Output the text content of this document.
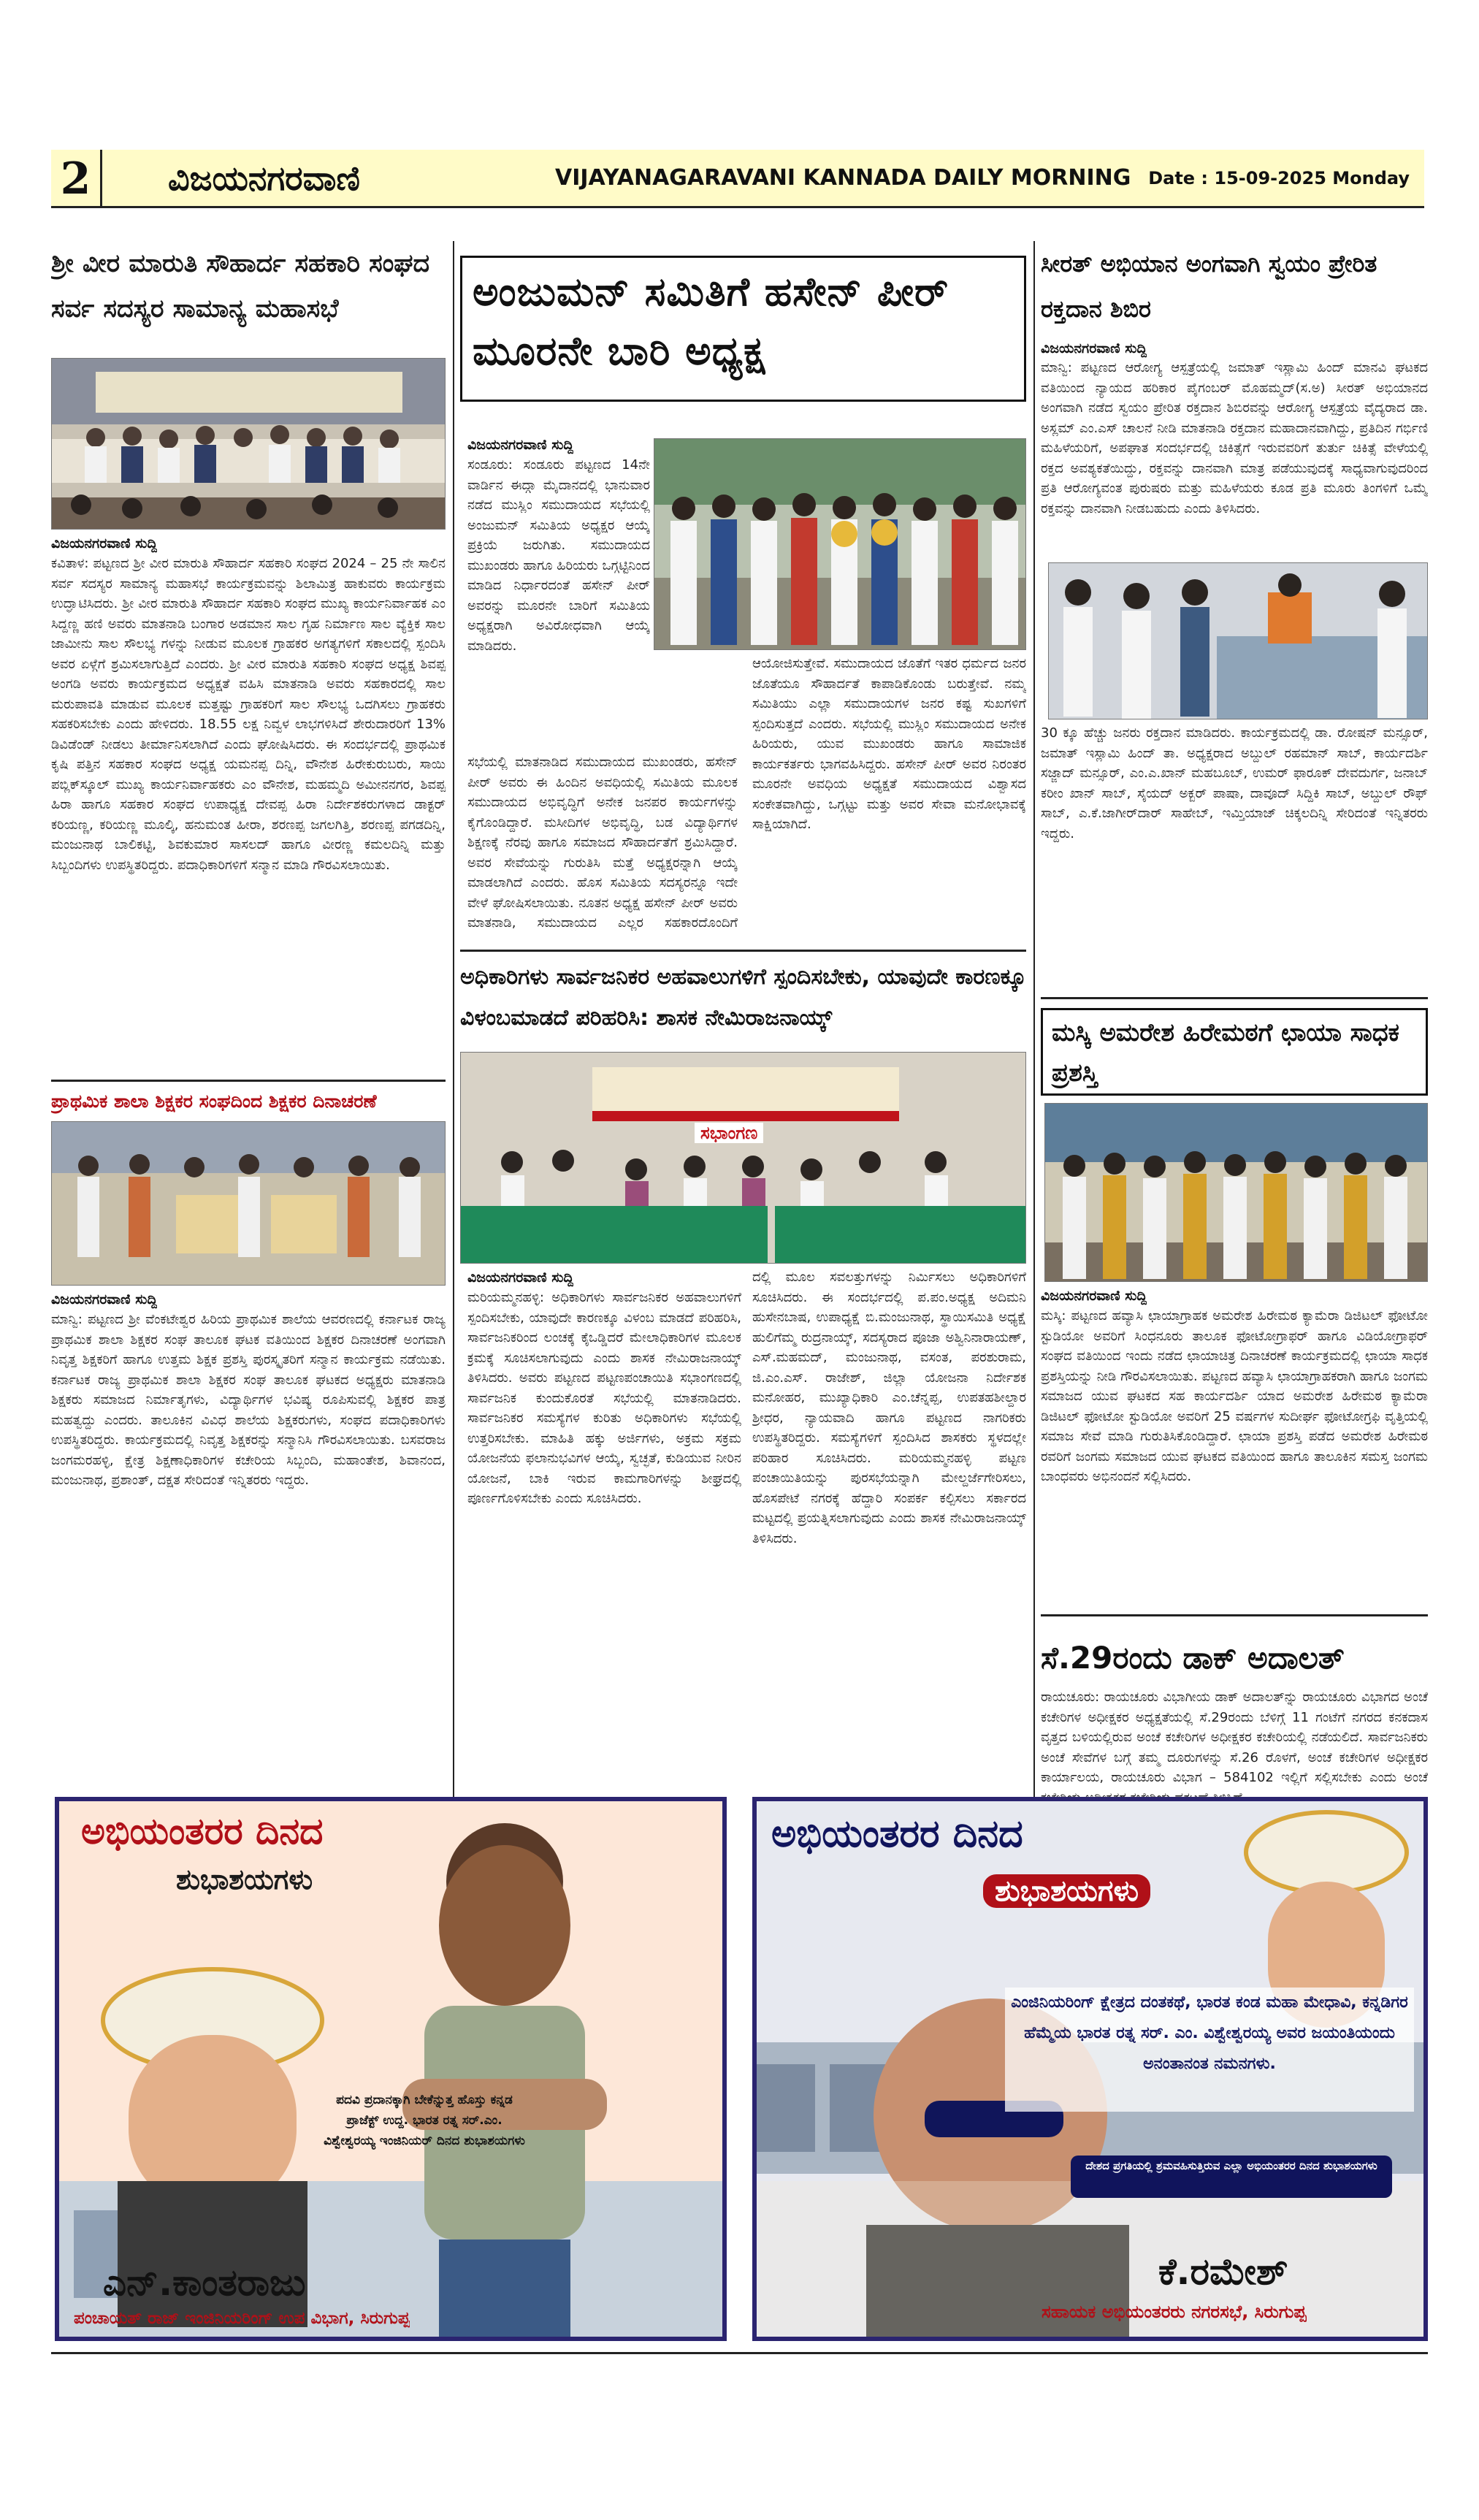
2	ವಿಜಯನಗರವಾಣಿ	VIJAYANAGARAVANI KANNADA DAILY MORNING Date : 15-09-2025 Monday
ಶ್ರೀ ವೀರ ಮಾರುತಿ ಸೌಹಾರ್ದ ಸಹಕಾರಿ ಸಂಘದ ಸರ್ವ ಸದಸ್ಯರ ಸಾಮಾನ್ಯ ಮಹಾಸಭೆ
ವಿಜಯನಗರವಾಣಿ ಸುದ್ದಿ
ಕವಿತಾಳ: ಪಟ್ಟಣದ ಶ್ರೀ ವೀರ ಮಾರುತಿ ಸೌಹಾರ್ದ ಸಹಕಾರಿ ಸಂಘದ 2024 – 25 ನೇ ಸಾಲಿನ ಸರ್ವ ಸದಸ್ಯರ ಸಾಮಾನ್ಯ ಮಹಾಸಭೆ ಕಾರ್ಯಕ್ರಮವನ್ನು ಶಿಲಾಮಿತ್ರ ಹಾಕುವರು ಕಾರ್ಯಕ್ರಮ ಉದ್ಘಾಟಿಸಿದರು. ಶ್ರೀ ವೀರ ಮಾರುತಿ ಸೌಹಾರ್ದ ಸಹಕಾರಿ ಸಂಘದ ಮುಖ್ಯ ಕಾರ್ಯನಿರ್ವಾಹಕ ಎಂ ಸಿದ್ದಣ್ಣ ಹಣಿ ಅವರು ಮಾತನಾಡಿ ಬಂಗಾರ ಅಡಮಾನ ಸಾಲ ಗೃಹ ನಿರ್ಮಾಣ ಸಾಲ ವ್ಯೆಕ್ತಿಕ ಸಾಲ ಜಾಮೀನು ಸಾಲ ಸೌಲಭ್ಯ ಗಳನ್ನು ನೀಡುವ ಮೂಲಕ ಗ್ರಾಹಕರ ಅಗತ್ಯಗಳಿಗೆ ಸಕಾಲದಲ್ಲಿ ಸ್ಪಂದಿಸಿ ಅವರ ಏಳ್ಗೆಗೆ ಶ್ರಮಿಸಲಾಗುತ್ತಿದೆ ಎಂದರು. ಶ್ರೀ ವೀರ ಮಾರುತಿ ಸಹಕಾರಿ ಸಂಘದ ಅಧ್ಯಕ್ಷ ಶಿವಪ್ಪ ಅಂಗಡಿ ಅವರು ಕಾರ್ಯಕ್ರಮದ ಅಧ್ಯಕ್ಷತೆ ವಹಿಸಿ ಮಾತನಾಡಿ ಅವರು ಸಹಕಾರದಲ್ಲಿ ಸಾಲ ಮರುಪಾವತಿ ಮಾಡುವ ಮೂಲಕ ಮತ್ತಷ್ಟು ಗ್ರಾಹಕರಿಗೆ ಸಾಲ ಸೌಲಭ್ಯ ಒದಗಿಸಲು ಗ್ರಾಹಕರು ಸಹಕರಿಸಬೇಕು ಎಂದು ಹೇಳಿದರು. 18.55 ಲಕ್ಷ ನಿವ್ವಳ ಲಾಭಗಳಿಸಿದೆ ಶೇರುದಾರರಿಗೆ 13% ಡಿವಿಡೆಂಡ್ ನೀಡಲು ತೀರ್ಮಾನಿಸಲಾಗಿದೆ ಎಂದು ಘೋಷಿಸಿದರು. ಈ ಸಂದರ್ಭದಲ್ಲಿ ಪ್ರಾಥಮಿಕ ಕೃಷಿ ಪತ್ತಿನ ಸಹಕಾರ ಸಂಘದ ಅಧ್ಯಕ್ಷ ಯಮನಪ್ಪ ದಿನ್ನಿ, ವೌನೇಶ ಹಿರೇಕುರುಬರು, ಸಾಯಿ ಪಬ್ಲಿಕ್‌ಸ್ಕೂಲ್ ಮುಖ್ಯ ಕಾರ್ಯನಿರ್ವಾಹಕರು ಎಂ ವೌನೇಶ, ಮಹಮ್ಮದಿ ಅಮೀನನಗರ, ಶಿವಪ್ಪ ಹಿರಾ ಹಾಗೂ ಸಹಕಾರ ಸಂಘದ ಉಪಾಧ್ಯಕ್ಷ ದೇವಪ್ಪ ಹಿರಾ ನಿರ್ದೇಶಕರುಗಳಾದ ಡಾಕ್ಟರ್ ಕರಿಯಣ್ಣ, ಕರಿಯಣ್ಣ ಮೂಲ್ಕಿ, ಹನುಮಂತ ಹೀರಾ, ಶರಣಪ್ಪ ಜಗಲಗಿತ್ತಿ, ಶರಣಪ್ಪ ಪಗಡದಿನ್ನಿ, ಮಂಜುನಾಥ ಬಾಲಿಕಟ್ಟಿ, ಶಿವಕುಮಾರ ಸಾಸಲದ್ ಹಾಗೂ ವೀರಣ್ಣ ಕಮಲದಿನ್ನಿ ಮತ್ತು ಸಿಬ್ಬಂದಿಗಳು ಉಪಸ್ಥಿತರಿದ್ದರು. ಪದಾಧಿಕಾರಿಗಳಿಗೆ ಸನ್ಮಾನ ಮಾಡಿ ಗೌರವಿಸಲಾಯಿತು.
ಪ್ರಾಥಮಿಕ ಶಾಲಾ ಶಿಕ್ಷಕರ ಸಂಘದಿಂದ ಶಿಕ್ಷಕರ ದಿನಾಚರಣೆ
ವಿಜಯನಗರವಾಣಿ ಸುದ್ದಿ
ಮಾನ್ವಿ: ಪಟ್ಟಣದ ಶ್ರೀ ವೆಂಕಟೇಶ್ವರ ಹಿರಿಯ ಪ್ರಾಥಮಿಕ ಶಾಲೆಯ ಆವರಣದಲ್ಲಿ ಕರ್ನಾಟಕ ರಾಜ್ಯ ಪ್ರಾಥಮಿಕ ಶಾಲಾ ಶಿಕ್ಷಕರ ಸಂಘ ತಾಲೂಕ ಘಟಕ ವತಿಯಿಂದ ಶಿಕ್ಷಕರ ದಿನಾಚರಣೆ ಅಂಗವಾಗಿ ನಿವೃತ್ತ ಶಿಕ್ಷಕರಿಗೆ ಹಾಗೂ ಉತ್ತಮ ಶಿಕ್ಷಕ ಪ್ರಶಸ್ತಿ ಪುರಸ್ಕೃತರಿಗೆ ಸನ್ಮಾನ ಕಾರ್ಯಕ್ರಮ ನಡೆಯಿತು. ಕರ್ನಾಟಕ ರಾಜ್ಯ ಪ್ರಾಥಮಿಕ ಶಾಲಾ ಶಿಕ್ಷಕರ ಸಂಘ ತಾಲೂಕ ಘಟಕದ ಅಧ್ಯಕ್ಷರು ಮಾತನಾಡಿ ಶಿಕ್ಷಕರು ಸಮಾಜದ ನಿರ್ಮಾತೃಗಳು, ವಿದ್ಯಾರ್ಥಿಗಳ ಭವಿಷ್ಯ ರೂಪಿಸುವಲ್ಲಿ ಶಿಕ್ಷಕರ ಪಾತ್ರ ಮಹತ್ವದ್ದು ಎಂದರು. ತಾಲೂಕಿನ ವಿವಿಧ ಶಾಲೆಯ ಶಿಕ್ಷಕರುಗಳು, ಸಂಘದ ಪದಾಧಿಕಾರಿಗಳು ಉಪಸ್ಥಿತರಿದ್ದರು. ಕಾರ್ಯಕ್ರಮದಲ್ಲಿ ನಿವೃತ್ತ ಶಿಕ್ಷಕರನ್ನು ಸನ್ಮಾನಿಸಿ ಗೌರವಿಸಲಾಯಿತು. ಬಸವರಾಜ ಜಂಗಮರಹಳ್ಳಿ, ಕ್ಷೇತ್ರ ಶಿಕ್ಷಣಾಧಿಕಾರಿಗಳ ಕಚೇರಿಯ ಸಿಬ್ಬಂದಿ, ಮಹಾಂತೇಶ, ಶಿವಾನಂದ, ಮಂಜುನಾಥ, ಪ್ರಶಾಂತ್, ದಕ್ಷತ ಸೇರಿದಂತೆ ಇನ್ನಿತರರು ಇದ್ದರು.
ಅಂಜುಮನ್ ಸಮಿತಿಗೆ ಹಸೇನ್ ಪೀರ್ ಮೂರನೇ ಬಾರಿ ಅಧ್ಯಕ್ಷ
ವಿಜಯನಗರವಾಣಿ ಸುದ್ದಿ
ಸಂಡೂರು: ಸಂಡೂರು ಪಟ್ಟಣದ 14ನೇ ವಾರ್ಡಿನ ಈದ್ಗಾ ಮೈದಾನದಲ್ಲಿ ಭಾನುವಾರ ನಡೆದ ಮುಸ್ಲಿಂ ಸಮುದಾಯದ ಸಭೆಯಲ್ಲಿ ಅಂಜುಮನ್ ಸಮಿತಿಯ ಅಧ್ಯಕ್ಷರ ಆಯ್ಕೆ ಪ್ರಕ್ರಿಯೆ ಜರುಗಿತು. ಸಮುದಾಯದ ಮುಖಂಡರು ಹಾಗೂ ಹಿರಿಯರು ಒಗ್ಗಟ್ಟಿನಿಂದ ಮಾಡಿದ ನಿರ್ಧಾರದಂತೆ ಹಸೇನ್ ಪೀರ್ ಅವರನ್ನು ಮೂರನೇ ಬಾರಿಗೆ ಸಮಿತಿಯ ಅಧ್ಯಕ್ಷರಾಗಿ ಅವಿರೋಧವಾಗಿ ಆಯ್ಕೆ ಮಾಡಿದರು.
ಸಭೆಯಲ್ಲಿ ಮಾತನಾಡಿದ ಸಮುದಾಯದ ಮುಖಂಡರು, ಹಸೇನ್ ಪೀರ್ ಅವರು ಈ ಹಿಂದಿನ ಅವಧಿಯಲ್ಲಿ ಸಮಿತಿಯ ಮೂಲಕ ಸಮುದಾಯದ ಅಭಿವೃದ್ಧಿಗೆ ಅನೇಕ ಜನಪರ ಕಾರ್ಯಗಳನ್ನು ಕೈಗೊಂಡಿದ್ದಾರೆ. ಮಸೀದಿಗಳ ಅಭಿವೃದ್ಧಿ, ಬಡ ವಿದ್ಯಾರ್ಥಿಗಳ ಶಿಕ್ಷಣಕ್ಕೆ ನೆರವು ಹಾಗೂ ಸಮಾಜದ ಸೌಹಾರ್ದತೆಗೆ ಶ್ರಮಿಸಿದ್ದಾರೆ. ಅವರ ಸೇವೆಯನ್ನು ಗುರುತಿಸಿ ಮತ್ತೆ ಅಧ್ಯಕ್ಷರನ್ನಾಗಿ ಆಯ್ಕೆ ಮಾಡಲಾಗಿದೆ ಎಂದರು. ಹೊಸ ಸಮಿತಿಯ ಸದಸ್ಯರನ್ನೂ ಇದೇ ವೇಳೆ ಘೋಷಿಸಲಾಯಿತು. ನೂತನ ಅಧ್ಯಕ್ಷ ಹಸೇನ್ ಪೀರ್ ಅವರು ಮಾತನಾಡಿ, ಸಮುದಾಯದ ಎಲ್ಲರ ಸಹಕಾರದೊಂದಿಗೆ
ಆಯೋಜಿಸುತ್ತೇವೆ. ಸಮುದಾಯದ ಜೊತೆಗೆ ಇತರ ಧರ್ಮದ ಜನರ ಜೊತೆಯೂ ಸೌಹಾರ್ದತೆ ಕಾಪಾಡಿಕೊಂಡು ಬರುತ್ತೇವೆ. ನಮ್ಮ ಸಮಿತಿಯು ಎಲ್ಲಾ ಸಮುದಾಯಗಳ ಜನರ ಕಷ್ಟ ಸುಖಗಳಿಗೆ ಸ್ಪಂದಿಸುತ್ತದೆ ಎಂದರು. ಸಭೆಯಲ್ಲಿ ಮುಸ್ಲಿಂ ಸಮುದಾಯದ ಅನೇಕ ಹಿರಿಯರು, ಯುವ ಮುಖಂಡರು ಹಾಗೂ ಸಾಮಾಜಿಕ ಕಾರ್ಯಕರ್ತರು ಭಾಗವಹಿಸಿದ್ದರು. ಹಸೇನ್ ಪೀರ್ ಅವರ ನಿರಂತರ ಮೂರನೇ ಅವಧಿಯ ಅಧ್ಯಕ್ಷತೆ ಸಮುದಾಯದ ವಿಶ್ವಾಸದ ಸಂಕೇತವಾಗಿದ್ದು, ಒಗ್ಗಟ್ಟು ಮತ್ತು ಅವರ ಸೇವಾ ಮನೋಭಾವಕ್ಕೆ ಸಾಕ್ಷಿಯಾಗಿದೆ.
ಅಧಿಕಾರಿಗಳು ಸಾರ್ವಜನಿಕರ ಅಹವಾಲುಗಳಿಗೆ ಸ್ಪಂದಿಸಬೇಕು, ಯಾವುದೇ ಕಾರಣಕ್ಕೂ ವಿಳಂಬಮಾಡದೆ ಪರಿಹರಿಸಿ: ಶಾಸಕ ನೇಮಿರಾಜನಾಯ್ಕ್
ಸಭಾಂಗಣ
ವಿಜಯನಗರವಾಣಿ ಸುದ್ದಿ
ಮರಿಯಮ್ಮನಹಳ್ಳಿ: ಅಧಿಕಾರಿಗಳು ಸಾರ್ವಜನಿಕರ ಅಹವಾಲುಗಳಿಗೆ ಸ್ಪಂದಿಸಬೇಕು, ಯಾವುದೇ ಕಾರಣಕ್ಕೂ ವಿಳಂಬ ಮಾಡದೆ ಪರಿಹರಿಸಿ, ಸಾರ್ವಜನಿಕರಿಂದ ಲಂಚಕ್ಕೆ ಕೈಒಡ್ಡಿದರೆ ಮೇಲಾಧಿಕಾರಿಗಳ ಮೂಲಕ ಕ್ರಮಕ್ಕೆ ಸೂಚಿಸಲಾಗುವುದು ಎಂದು ಶಾಸಕ ನೇಮಿರಾಜನಾಯ್ಕ್ ತಿಳಿಸಿದರು. ಅವರು ಪಟ್ಟಣದ ಪಟ್ಟಣಪಂಚಾಯಿತಿ ಸಭಾಂಗಣದಲ್ಲಿ ಸಾರ್ವಜನಿಕ ಕುಂದುಕೊರತೆ ಸಭೆಯಲ್ಲಿ ಮಾತನಾಡಿದರು. ಸಾರ್ವಜನಿಕರ ಸಮಸ್ಯೆಗಳ ಕುರಿತು ಅಧಿಕಾರಿಗಳು ಸಭೆಯಲ್ಲಿ ಉತ್ತರಿಸಬೇಕು. ಮಾಹಿತಿ ಹಕ್ಕು ಅರ್ಜಿಗಳು, ಅಕ್ರಮ ಸಕ್ರಮ ಯೋಜನೆಯ ಫಲಾನುಭವಿಗಳ ಆಯ್ಕೆ, ಸ್ವಚ್ಛತೆ, ಕುಡಿಯುವ ನೀರಿನ ಯೋಜನೆ, ಬಾಕಿ ಇರುವ ಕಾಮಗಾರಿಗಳನ್ನು ಶೀಘ್ರದಲ್ಲಿ ಪೂರ್ಣಗೊಳಿಸಬೇಕು ಎಂದು ಸೂಚಿಸಿದರು.
ದಲ್ಲಿ ಮೂಲ ಸವಲತ್ತುಗಳನ್ನು ನಿರ್ಮಿಸಲು ಅಧಿಕಾರಿಗಳಿಗೆ ಸೂಚಿಸಿದರು. ಈ ಸಂದರ್ಭದಲ್ಲಿ ಪ.ಪಂ.ಅಧ್ಯಕ್ಷ ಅದಿಮನಿ ಹುಸೇನಬಾಷ, ಉಪಾಧ್ಯಕ್ಷೆ ಬಿ.ಮಂಜುನಾಥ, ಸ್ಥಾಯಿಸಮಿತಿ ಅಧ್ಯಕ್ಷೆ ಹುಲಿಗೆಮ್ಮ ರುದ್ರನಾಯ್ಕ್, ಸದಸ್ಯರಾದ ಪೂಜಾ ಅಶ್ವಿನಿನಾರಾಯಣ್, ಎಸ್.ಮಹಮದ್, ಮಂಜುನಾಥ, ವಸಂತ, ಪರಶುರಾಮ, ಜಿ.ಎಂ.ಎಸ್. ರಾಜೇಶ್, ಜಿಲ್ಲಾ ಯೋಜನಾ ನಿರ್ದೇಶಕ ಮನೋಹರ, ಮುಖ್ಯಾಧಿಕಾರಿ ಎಂ.ಚೆನ್ನಪ್ಪ, ಉಪತಹಶೀಲ್ದಾರ ಶ್ರೀಧರ, ನ್ಯಾಯವಾದಿ ಹಾಗೂ ಪಟ್ಟಣದ ನಾಗರಿಕರು ಉಪಸ್ಥಿತರಿದ್ದರು. ಸಮಸ್ಯೆಗಳಿಗೆ ಸ್ಪಂದಿಸಿದ ಶಾಸಕರು ಸ್ಥಳದಲ್ಲೇ ಪರಿಹಾರ ಸೂಚಿಸಿದರು. ಮರಿಯಮ್ಮನಹಳ್ಳಿ ಪಟ್ಟಣ ಪಂಚಾಯಿತಿಯನ್ನು ಪುರಸಭೆಯನ್ನಾಗಿ ಮೇಲ್ದರ್ಜೆಗೇರಿಸಲು, ಹೊಸಪೇಟೆ ನಗರಕ್ಕೆ ಹೆದ್ದಾರಿ ಸಂಪರ್ಕ ಕಲ್ಪಿಸಲು ಸರ್ಕಾರದ ಮಟ್ಟದಲ್ಲಿ ಪ್ರಯತ್ನಿಸಲಾಗುವುದು ಎಂದು ಶಾಸಕ ನೇಮಿರಾಜನಾಯ್ಕ್ ತಿಳಿಸಿದರು.
ಸೀರತ್ ಅಭಿಯಾನ ಅಂಗವಾಗಿ ಸ್ವಯಂ ಪ್ರೇರಿತ ರಕ್ತದಾನ ಶಿಬಿರ
ವಿಜಯನಗರವಾಣಿ ಸುದ್ದಿ
ಮಾನ್ವಿ: ಪಟ್ಟಣದ ಆರೋಗ್ಯ ಆಸ್ಪತ್ರೆಯಲ್ಲಿ ಜಮಾತ್ ಇಸ್ಲಾಮಿ ಹಿಂದ್ ಮಾನವಿ ಘಟಕದ ವತಿಯಿಂದ ನ್ಯಾಯದ ಹರಿಕಾರ ಪೈಗಂಬರ್ ಮೊಹಮ್ಮದ್(ಸ.ಅ) ಸೀರತ್ ಅಭಿಯಾನದ ಅಂಗವಾಗಿ ನಡೆದ ಸ್ವಯಂ ಪ್ರೇರಿತ ರಕ್ತದಾನ ಶಿಬಿರವನ್ನು ಆರೋಗ್ಯ ಆಸ್ಪತ್ರೆಯ ವೈದ್ಯರಾದ ಡಾ. ಅಸ್ಲಮ್ ಎಂ.ಎಸ್ ಚಾಲನೆ ನೀಡಿ ಮಾತನಾಡಿ ರಕ್ತದಾನ ಮಹಾದಾನವಾಗಿದ್ದು, ಪ್ರತಿದಿನ ಗರ್ಭಿಣಿ ಮಹಿಳೆಯರಿಗೆ, ಅಪಘಾತ ಸಂದರ್ಭದಲ್ಲಿ ಚಿಕಿತ್ಸೆಗೆ ಇರುವವರಿಗೆ ತುರ್ತು ಚಿಕಿತ್ಸೆ ವೇಳೆಯಲ್ಲಿ ರಕ್ತದ ಅವಶ್ಯಕತೆಯಿದ್ದು, ರಕ್ತವನ್ನು ದಾನವಾಗಿ ಮಾತ್ರ ಪಡೆಯುವುದಕ್ಕೆ ಸಾಧ್ಯವಾಗುವುದರಿಂದ ಪ್ರತಿ ಆರೋಗ್ಯವಂತ ಪುರುಷರು ಮತ್ತು ಮಹಿಳೆಯರು ಕೂಡ ಪ್ರತಿ ಮೂರು ತಿಂಗಳಿಗೆ ಒಮ್ಮೆ ರಕ್ತವನ್ನು ದಾನವಾಗಿ ನೀಡಬಹುದು ಎಂದು ತಿಳಿಸಿದರು.
30 ಕ್ಕೂ ಹೆಚ್ಚು ಜನರು ರಕ್ತದಾನ ಮಾಡಿದರು. ಕಾರ್ಯಕ್ರಮದಲ್ಲಿ ಡಾ. ರೋಷನ್ ಮನ್ಸೂರ್, ಜಮಾತ್ ಇಸ್ಲಾಮಿ ಹಿಂದ್ ತಾ. ಅಧ್ಯಕ್ಷರಾದ ಅಬ್ದುಲ್ ರಹಮಾನ್ ಸಾಬ್, ಕಾರ್ಯದರ್ಶಿ ಸಜ್ಜಾದ್ ಮನ್ಸೂರ್, ಎಂ.ಎ.ಖಾನ್ ಮಹಬೂಬ್, ಉಮರ್ ಫಾರೂಕ್ ದೇವದುರ್ಗ, ಜನಾಬ್ ಕರೀಂ ಖಾನ್ ಸಾಬ್, ಸೈಯದ್ ಅಕ್ಬರ್ ಪಾಷಾ, ದಾವೂದ್ ಸಿದ್ದಿಕಿ ಸಾಬ್, ಅಬ್ದುಲ್ ರೌಫ್ ಸಾಬ್, ಎ.ಕೆ.ಜಾಗೀರ್‌ದಾರ್ ಸಾಹೇಬ್, ಇಮ್ತಿಯಾಜ್ ಚಿಕ್ಕಲದಿನ್ನಿ ಸೇರಿದಂತೆ ಇನ್ನಿತರರು ಇದ್ದರು.
ಮಸ್ಕಿ ಅಮರೇಶ ಹಿರೇಮಠಗೆ ಛಾಯಾ ಸಾಧಕ ಪ್ರಶಸ್ತಿ
ವಿಜಯನಗರವಾಣಿ ಸುದ್ದಿ
ಮಸ್ಕಿ: ಪಟ್ಟಣದ ಹವ್ಯಾಸಿ ಛಾಯಾಗ್ರಾಹಕ ಅಮರೇಶ ಹಿರೇಮಠ ಕ್ಯಾಮೆರಾ ಡಿಜಿಟಲ್ ಫೋಟೋ ಸ್ಟುಡಿಯೋ ಅವರಿಗೆ ಸಿಂಧನೂರು ತಾಲೂಕ ಫೋಟೋಗ್ರಾಫರ್ ಹಾಗೂ ವಿಡಿಯೋಗ್ರಾಫರ್ ಸಂಘದ ವತಿಯಿಂದ ಇಂದು ನಡೆದ ಛಾಯಾಚಿತ್ರ ದಿನಾಚರಣೆ ಕಾರ್ಯಕ್ರಮದಲ್ಲಿ ಛಾಯಾ ಸಾಧಕ ಪ್ರಶಸ್ತಿಯನ್ನು ನೀಡಿ ಗೌರವಿಸಲಾಯಿತು. ಪಟ್ಟಣದ ಹವ್ಯಾಸಿ ಛಾಯಾಗ್ರಾಹಕರಾಗಿ ಹಾಗೂ ಜಂಗಮ ಸಮಾಜದ ಯುವ ಘಟಕದ ಸಹ ಕಾರ್ಯದರ್ಶಿ ಯಾದ ಅಮರೇಶ ಹಿರೇಮಠ ಕ್ಯಾಮೆರಾ ಡಿಜಿಟಲ್ ಫೋಟೋ ಸ್ಟುಡಿಯೋ ಅವರಿಗೆ 25 ವರ್ಷಗಳ ಸುದೀರ್ಘ ಫೋಟೋಗ್ರಫಿ ವೃತ್ತಿಯಲ್ಲಿ ಸಮಾಜ ಸೇವೆ ಮಾಡಿ ಗುರುತಿಸಿಕೊಂಡಿದ್ದಾರೆ. ಛಾಯಾ ಪ್ರಶಸ್ತಿ ಪಡೆದ ಅಮರೇಶ ಹಿರೇಮಠ ರವರಿಗೆ ಜಂಗಮ ಸಮಾಜದ ಯುವ ಘಟಕದ ವತಿಯಿಂದ ಹಾಗೂ ತಾಲೂಕಿನ ಸಮಸ್ತ ಜಂಗಮ ಬಾಂಧವರು ಅಭಿನಂದನೆ ಸಲ್ಲಿಸಿದರು.
ಸೆ.29ರಂದು ಡಾಕ್ ಅದಾಲತ್
ರಾಯಚೂರು: ರಾಯಚೂರು ವಿಭಾಗೀಯ ಡಾಕ್ ಅದಾಲತ್‌ನ್ನು ರಾಯಚೂರು ವಿಭಾಗದ ಅಂಚೆ ಕಚೇರಿಗಳ ಅಧೀಕ್ಷಕರ ಅಧ್ಯಕ್ಷತೆಯಲ್ಲಿ ಸೆ.29ರಂದು ಬೆಳಿಗ್ಗೆ 11 ಗಂಟೆಗೆ ನಗರದ ಕನಕದಾಸ ವೃತ್ತದ ಬಳಿಯಲ್ಲಿರುವ ಅಂಚೆ ಕಚೇರಿಗಳ ಅಧೀಕ್ಷಕರ ಕಚೇರಿಯಲ್ಲಿ ನಡೆಯಲಿದೆ. ಸಾರ್ವಜನಿಕರು ಅಂಚೆ ಸೇವೆಗಳ ಬಗ್ಗೆ ತಮ್ಮ ದೂರುಗಳನ್ನು ಸೆ.26 ರೊಳಗೆ, ಅಂಚೆ ಕಚೇರಿಗಳ ಅಧೀಕ್ಷಕರ ಕಾರ್ಯಾಲಯ, ರಾಯಚೂರು ವಿಭಾಗ – 584102 ಇಲ್ಲಿಗೆ ಸಲ್ಲಿಸಬೇಕು ಎಂದು ಅಂಚೆ
ಅಭಿಯಂತರರ ದಿನದ
ಶುಭಾಶಯಗಳು
ಪದವಿ ಪ್ರದಾನಕ್ಕಾಗಿ ಬೇಕೆನ್ನುತ್ತ ಹೊಸ್ತು ಕನ್ನಡ ಪ್ರಾಜೆಕ್ಟ್ ಉದ್ದ. ಭಾರತ ರತ್ನ ಸರ್.ಎಂ. ವಿಶ್ವೇಶ್ವರಯ್ಯ ಇಂಜಿನಿಯರ್ ದಿನದ ಶುಭಾಶಯಗಳು
ಎನ್.ಕಾಂತರಾಜು
ಪಂಚಾಯತ್ ರಾಜ್ ಇಂಜಿನಿಯರಿಂಗ್ ಉಪ ವಿಭಾಗ, ಸಿರುಗುಪ್ಪ
ಅಭಿಯಂತರರ ದಿನದ
ಶುಭಾಶಯಗಳು
ಎಂಜಿನಿಯರಿಂಗ್ ಕ್ಷೇತ್ರದ ದಂತಕಥೆ, ಭಾರತ ಕಂಡ ಮಹಾ ಮೇಧಾವಿ, ಕನ್ನಡಿಗರ ಹೆಮ್ಮೆಯ ಭಾರತ ರತ್ನ ಸರ್. ಎಂ. ವಿಶ್ವೇಶ್ವರಯ್ಯ ಅವರ ಜಯಂತಿಯಂದು ಅನಂತಾನಂತ ನಮನಗಳು.
ದೇಶದ ಪ್ರಗತಿಯಲ್ಲಿ ಶ್ರಮವಹಿಸುತ್ತಿರುವ ಎಲ್ಲಾ ಅಭಿಯಂತರರ ದಿನದ ಶುಭಾಶಯಗಳು
ಕೆ.ರಮೇಶ್
ಸಹಾಯಕ ಅಭಿಯಂತರರು ನಗರಸಭೆ, ಸಿರುಗುಪ್ಪ
